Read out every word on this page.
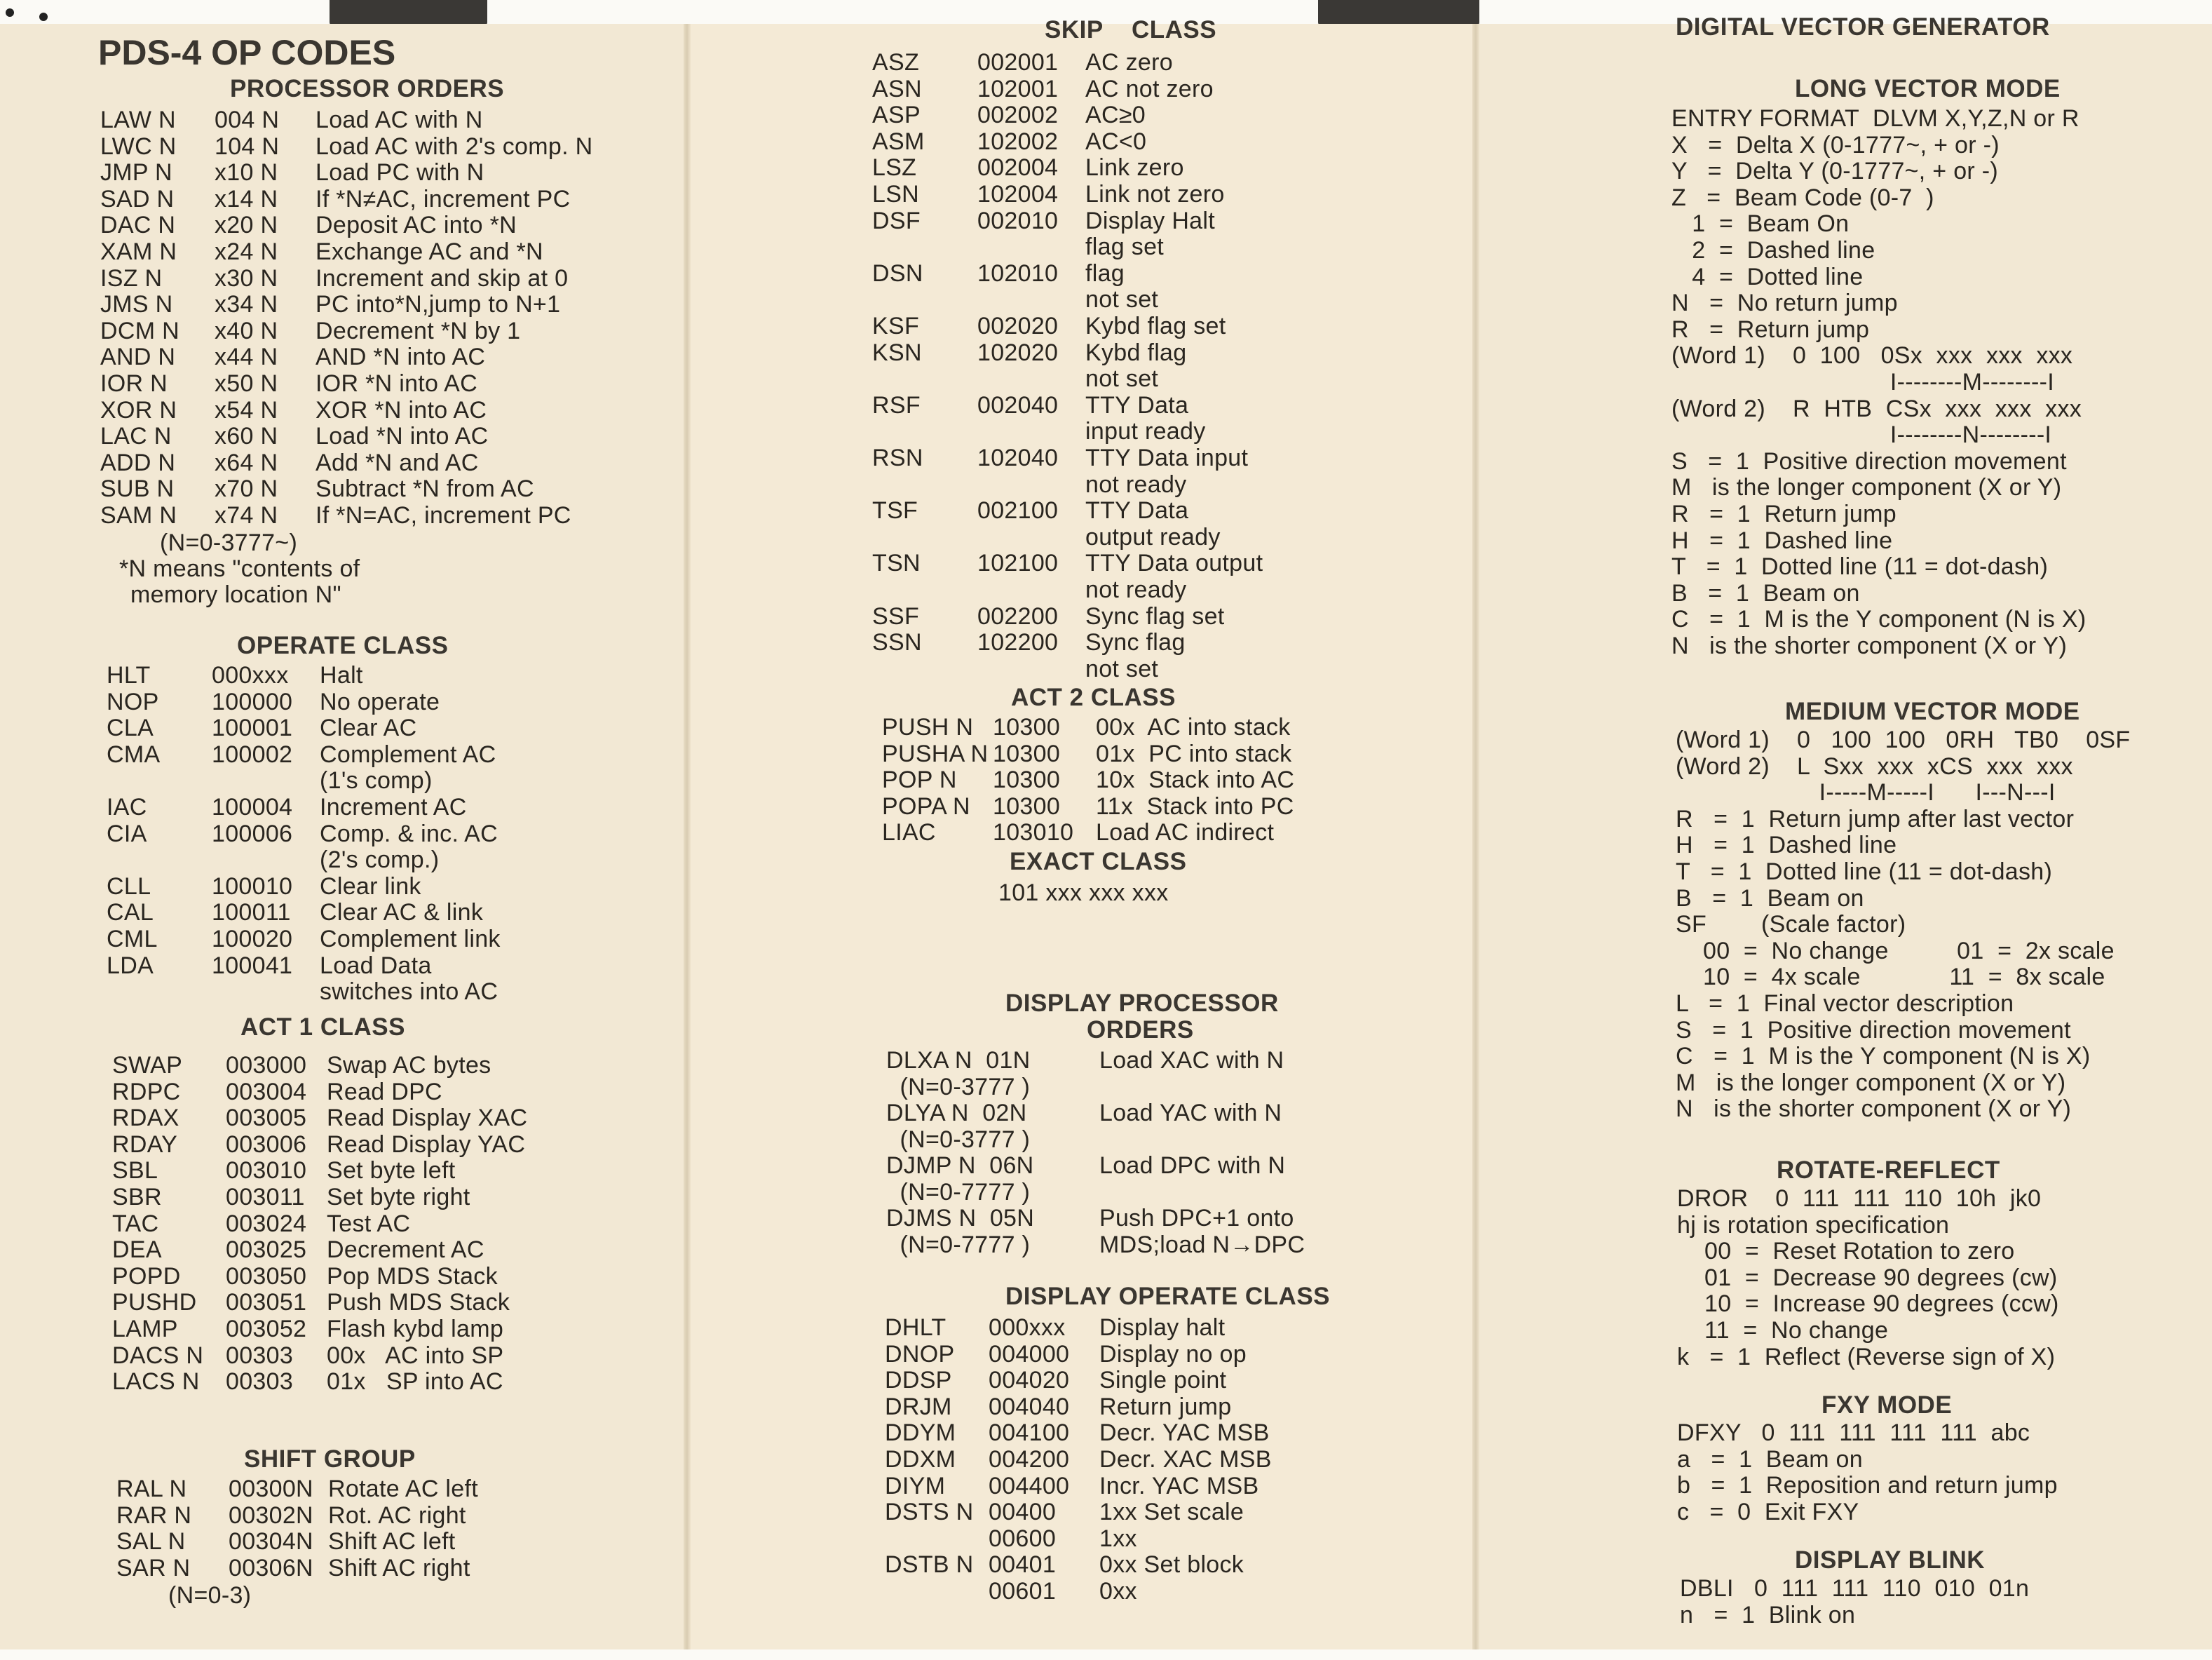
PDS-4 OP CODES
PROCESSOR ORDERS
LAW N 004 N Load AC with N
LWC N 104 N Load AC with 2's comp. N
JMP N x10 N Load PC with N
SAD N x14 N If *N≠AC, increment PC
DAC N x20 N Deposit AC into *N
XAM N x24 N Exchange AC and *N
ISZ N x30 N Increment and skip at 0
JMS N x34 N PC into*N,jump to N+1
DCM N x40 N Decrement *N by 1
AND N x44 N AND *N into AC
IOR N x50 N IOR *N into AC
XOR N x54 N XOR *N into AC
LAC N x60 N Load *N into AC
ADD N x64 N Add *N and AC
SUB N x70 N Subtract *N from AC
SAM N x74 N If *N=AC, increment PC
(N=0-3777~)
*N means "contents of
memory location N"
OPERATE CLASS
HLT	000xxx Halt
NOP 100000 No operate
CLA 100001 Clear AC
CMA 100002 Complement AC
(1's comp)
IAC	100004 Increment AC
CIA	100006 Comp. & inc. AC
(2's comp.)
CLL	100010 Clear link
CAL 100011 Clear AC & link
CML 100020 Complement link
LDA 100041 Load Data
switches into AC
ACT 1 CLASS
SWAP 003000 Swap AC bytes
RDPC 003004 Read DPC
RDAX 003005 Read Display XAC
RDAY 003006 Read Display YAC
SBL	003010 Set byte left
SBR	003011 Set byte right
TAC	003024 Test AC
DEA	003025 Decrement AC
POPD 003050 Pop MDS Stack
PUSHD 003051 Push MDS Stack
LAMP 003052 Flash kybd lamp
DACS N 00303 00x   AC into SP
LACS N 00303 01x   SP into AC
SHIFT GROUP
RAL N 00300N Rotate AC left
RAR N 00302N Rot. AC right
SAL N 00304N Shift AC left
SAR N 00306N Shift AC right
(N=0-3)
SKIP    CLASS
ASZ 002001 AC zero
ASN 102001 AC not zero
ASP 002002 AC≥0
ASM 102002 AC<0
LSZ	002004 Link zero
LSN 102004 Link not zero
DSF 002010 Display Halt
flag set
DSN 102010 flag
not set
KSF 002020 Kybd flag set
KSN 102020 Kybd flag
not set
RSF 002040 TTY Data
input ready
RSN 102040 TTY Data input
not ready
TSF 002100 TTY Data
output ready
TSN 102100 TTY Data output
not ready
SSF 002200 Sync flag set
SSN 102200 Sync flag
not set
ACT 2 CLASS
PUSH N 10300 00x  AC into stack
PUSHA N 10300 01x  PC into stack
POP N 10300 10x  Stack into AC
POPA N 10300 11x  Stack into PC
LIAC 103010 Load AC indirect
EXACT CLASS
101 xxx xxx xxx
DISPLAY PROCESSOR
ORDERS
DLXA N  01N	Load XAC with N
(N=0-3777 )
DLYA N  02N	Load YAC with N
(N=0-3777 )
DJMP N  06N	Load DPC with N
(N=0-7777 )
DJMS N  05N	Push DPC+1 onto
(N=0-7777 )	MDS;load N→DPC
DISPLAY OPERATE CLASS
DHLT 000xxx Display halt
DNOP 004000 Display no op
DDSP 004020 Single point
DRJM 004040 Return jump
DDYM 004100 Decr. YAC MSB
DDXM 004200 Decr. XAC MSB
DIYM 004400 Incr. YAC MSB
DSTS N 00400 1xx Set scale
00600 1xx
DSTB N 00401 0xx Set block
00601 0xx
DIGITAL VECTOR GENERATOR
LONG VECTOR MODE
ENTRY FORMAT  DLVM X,Y,Z,N or R
X   =  Delta X (0-1777~, + or -)
Y   =  Delta Y (0-1777~, + or -)
Z   =  Beam Code (0-7  )
1  =  Beam On
2  =  Dashed line
4  =  Dotted line
N   =  No return jump
R   =  Return jump
(Word 1)    0  100   0Sx  xxx  xxx  xxx
I--------M--------I
(Word 2)    R  HTB  CSx  xxx  xxx  xxx
I--------N--------I
S   =  1  Positive direction movement
M   is the longer component (X or Y)
R   =  1  Return jump
H   =  1  Dashed line
T   =  1  Dotted line (11 = dot-dash)
B   =  1  Beam on
C   =  1  M is the Y component (N is X)
N   is the shorter component (X or Y)
MEDIUM VECTOR MODE
(Word 1)    0   100  100   0RH   TB0    0SF
(Word 2)    L  Sxx  xxx  xCS  xxx  xxx
I-----M-----I      I---N---I
R   =  1  Return jump after last vector
H   =  1  Dashed line
T   =  1  Dotted line (11 = dot-dash)
B   =  1  Beam on
SF        (Scale factor)
00  =  No change          01  =  2x scale
10  =  4x scale             11  =  8x scale
L   =  1  Final vector description
S   =  1  Positive direction movement
C   =  1  M is the Y component (N is X)
M   is the longer component (X or Y)
N   is the shorter component (X or Y)
ROTATE-REFLECT
DROR    0  111  111  110  10h  jk0
hj is rotation specification
00  =  Reset Rotation to zero
01  =  Decrease 90 degrees (cw)
10  =  Increase 90 degrees (ccw)
11  =  No change
k   =  1  Reflect (Reverse sign of X)
FXY MODE
DFXY   0  111  111  111  111  abc
a   =  1  Beam on
b   =  1  Reposition and return jump
c   =  0  Exit FXY
DISPLAY BLINK
DBLI   0  111  111  110  010  01n
n   =  1  Blink on
